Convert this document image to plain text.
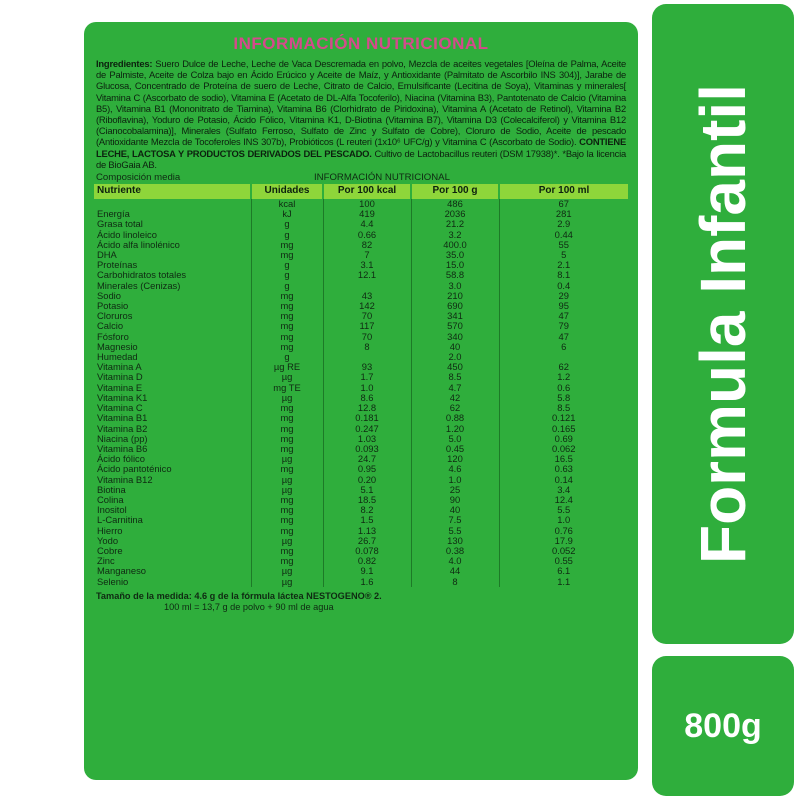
INFORMACIÓN NUTRICIONAL
Ingredientes: Suero Dulce de Leche, Leche de Vaca Descremada en polvo, Mezcla de aceites vegetales [Oleína de Palma, Aceite de Palmiste, Aceite de Colza bajo en Ácido Erúcico y Aceite de Maíz, y Antioxidante (Palmitato de Ascorbilo INS 304)], Jarabe de Glucosa, Concentrado de Proteína de suero de Leche, Citrato de Calcio, Emulsificante (Lecitina de Soya), Vitaminas y minerales[ Vitamina C (Ascorbato de sodio), Vitamina E (Acetato de DL-Alfa Tocoferilo), Niacina (Vitamina B3), Pantotenato de Calcio (Vitamina B5), Vitamina B1 (Mononitrato de Tiamina), Vitamina B6 (Clorhidrato de Piridoxina), Vitamina A (Acetato de Retinol), Vitamina B2 (Riboflavina), Yoduro de Potasio, Ácido Fólico, Vitamina K1, D-Biotina (Vitamina B7), Vitamina D3 (Colecalciferol) y Vitamina B12 (Cianocobalamina)], Minerales (Sulfato Ferroso, Sulfato de Zinc y Sulfato de Cobre), Cloruro de Sodio, Aceite de pescado (Antioxidante Mezcla de Tocoferoles INS 307b), Probióticos (L reuteri (1x10⁶ UFC/g) y Vitamina C (Ascorbato de Sodio). CONTIENE LECHE, LACTOSA Y PRODUCTOS DERIVADOS DEL PESCADO. Cultivo de Lactobacillus reuteri (DSM 17938)*. *Bajo la licencia de BioGaia AB.
Composición media	INFORMACIÓN NUTRICIONAL
Nutriente	Unidades	Por 100 kcal	Por 100 g	Por 100 ml
	kcal	100	486	67
Energía	kJ	419	2036	281
Grasa total	g	4.4	21.2	2.9
Ácido linoleico	g	0.66	3.2	0.44
Ácido alfa linolénico	mg	82	400.0	55
DHA	mg	7	35.0	5
Proteínas	g	3.1	15.0	2.1
Carbohidratos totales	g	12.1	58.8	8.1
Minerales (Cenizas)	g		3.0	0.4
Sodio	mg	43	210	29
Potasio	mg	142	690	95
Cloruros	mg	70	341	47
Calcio	mg	117	570	79
Fósforo	mg	70	340	47
Magnesio	mg	8	40	6
Humedad	g		2.0	
Vitamina A	µg RE	93	450	62
Vitamina D	µg	1.7	8.5	1.2
Vitamina E	mg TE	1.0	4.7	0.6
Vitamina K1	µg	8.6	42	5.8
Vitamina C	mg	12.8	62	8.5
Vitamina B1	mg	0.181	0.88	0.121
Vitamina B2	mg	0.247	1.20	0.165
Niacina (pp)	mg	1.03	5.0	0.69
Vitamina B6	mg	0.093	0.45	0.062
Ácido fólico	µg	24.7	120	16.5
Ácido pantoténico	mg	0.95	4.6	0.63
Vitamina B12	µg	0.20	1.0	0.14
Biotina	µg	5.1	25	3.4
Colina	mg	18.5	90	12.4
Inositol	mg	8.2	40	5.5
L-Carnitina	mg	1.5	7.5	1.0
Hierro	mg	1.13	5.5	0.76
Yodo	µg	26.7	130	17.9
Cobre	mg	0.078	0.38	0.052
Zinc	mg	0.82	4.0	0.55
Manganeso	µg	9.1	44	6.1
Selenio	µg	1.6	8	1.1
Tamaño de la medida: 4.6 g de la fórmula láctea NESTOGENO® 2.
100 ml = 13,7 g de polvo + 90 ml de agua
Formula Infantil
800g
